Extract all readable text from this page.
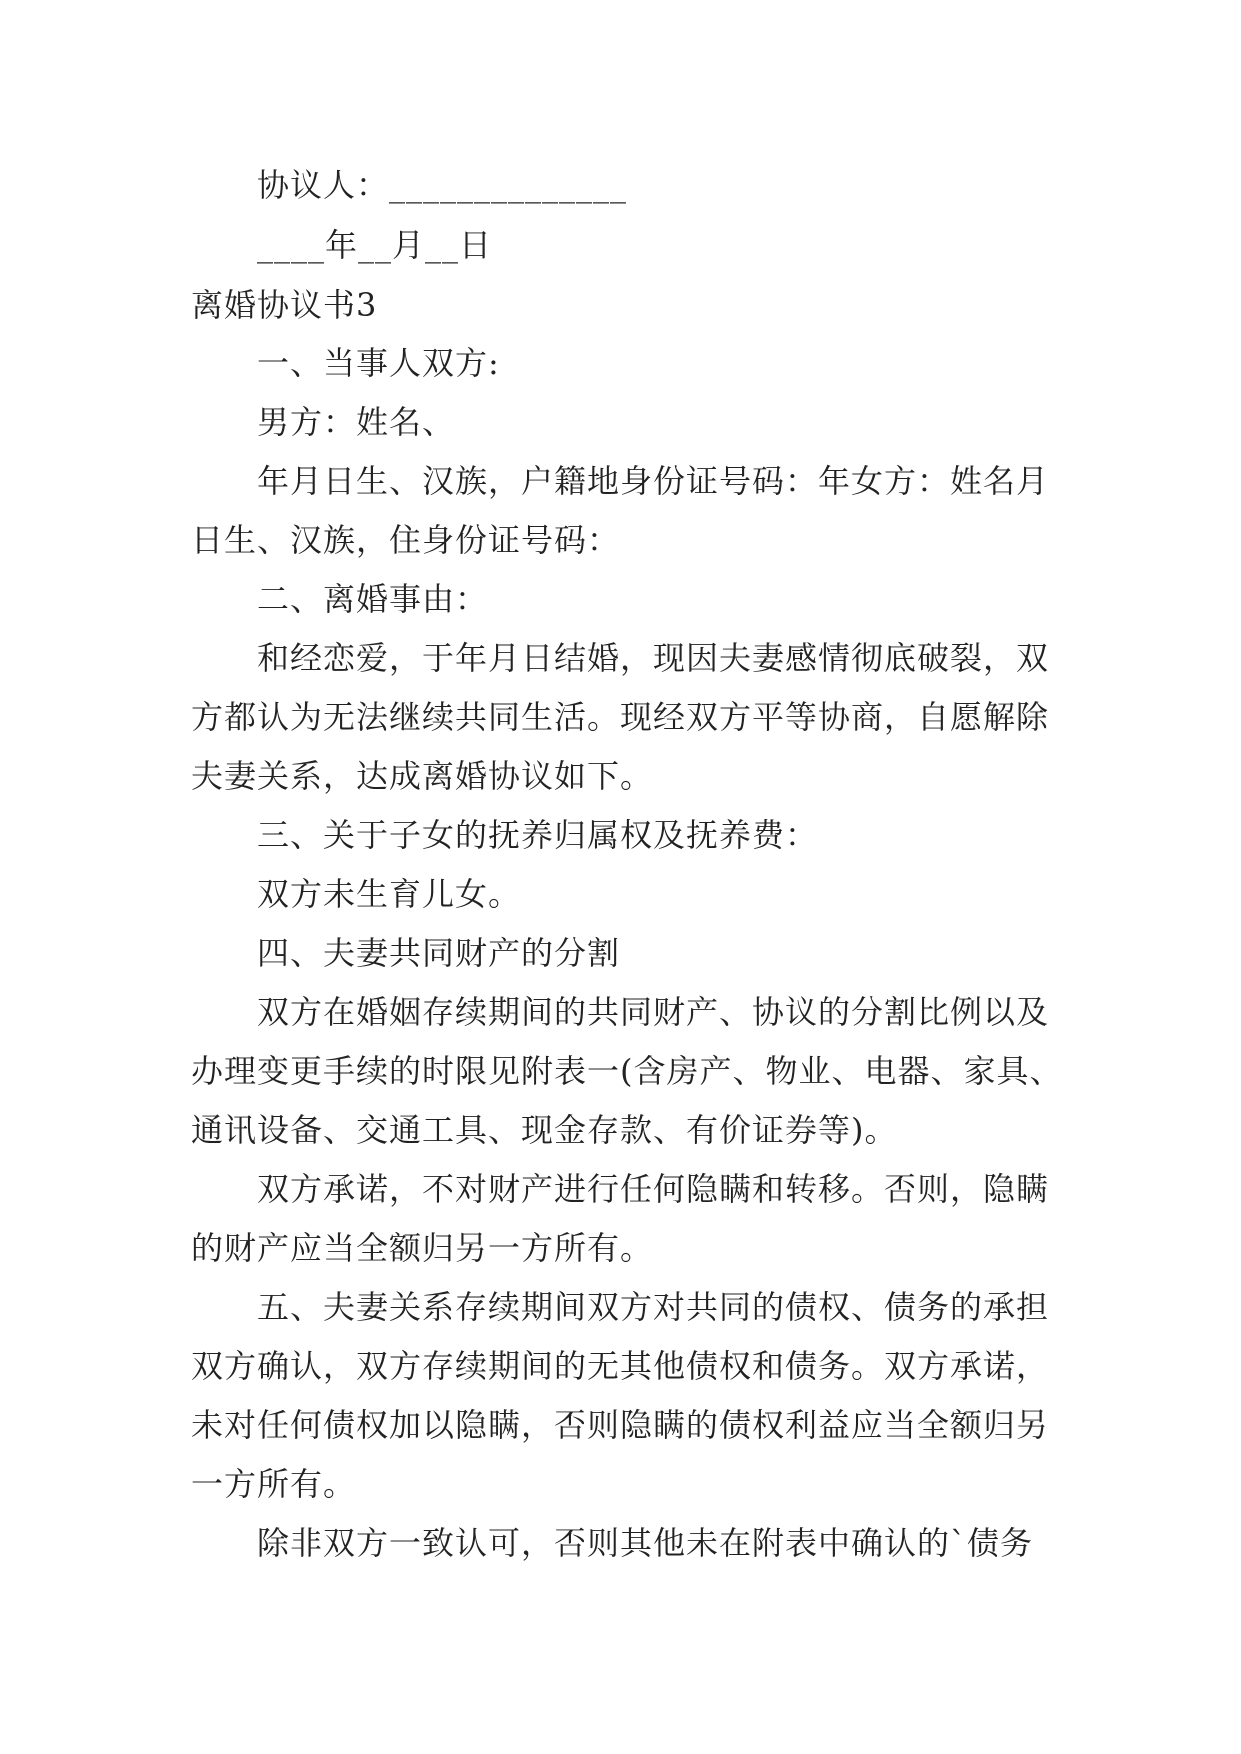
协议人：______________
____年__月__日
离婚协议书3
一、当事人双方:
男方：姓名、
年月日生、汉族，户籍地身份证号码：年女方：姓名月
日生、汉族，住身份证号码：
二、离婚事由：
和经恋爱，于年月日结婚，现因夫妻感情彻底破裂，双
方都认为无法继续共同生活。现经双方平等协商，自愿解除
夫妻关系，达成离婚协议如下。
三、关于子女的抚养归属权及抚养费：
双方未生育儿女。
四、夫妻共同财产的分割
双方在婚姻存续期间的共同财产、协议的分割比例以及
办理变更手续的时限见附表一(含房产、物业、电器、家具、
通讯设备、交通工具、现金存款、有价证券等)。
双方承诺，不对财产进行任何隐瞒和转移。否则，隐瞒
的财产应当全额归另一方所有。
五、夫妻关系存续期间双方对共同的债权、债务的承担
双方确认，双方存续期间的无其他债权和债务。双方承诺，
未对任何债权加以隐瞒，否则隐瞒的债权利益应当全额归另
一方所有。
除非双方一致认可，否则其他未在附表中确认的`债务
